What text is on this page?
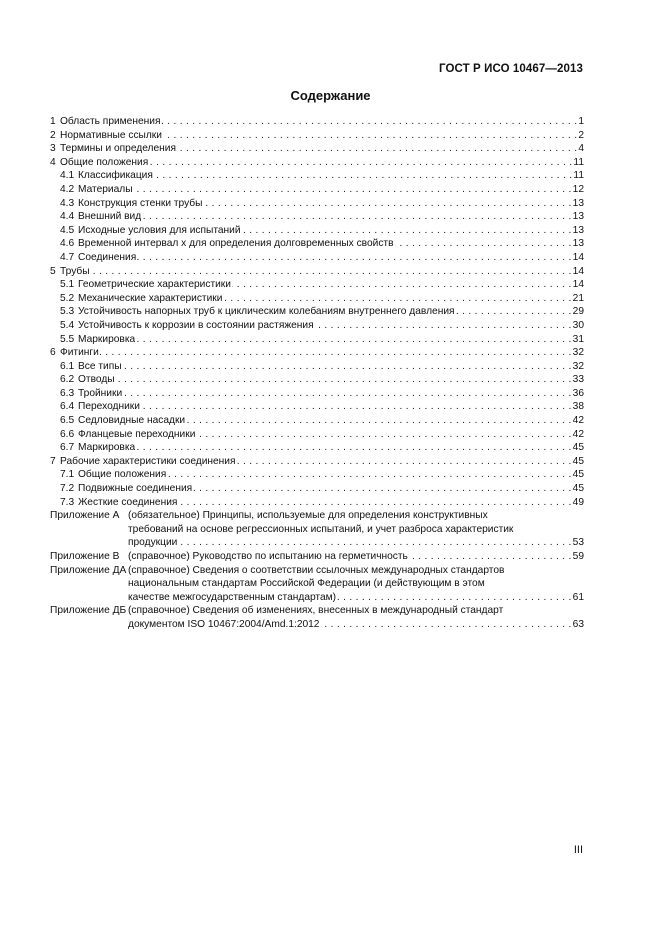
ГОСТ Р ИСО 10467—2013
Содержание
1 Область применения . . .	1
2 Нормативные ссылки . . .	2
3 Термины и определения . . .	4
4 Общие положения . . .	11
4.1 Классификация . . .	11
4.2 Материалы . . .	12
4.3 Конструкция стенки трубы . . .	13
4.4 Внешний вид . . .	13
4.5 Исходные условия для испытаний . . .	13
4.6 Временной интервал x для определения долговременных свойств . . .	13
4.7 Соединения . . .	14
5 Трубы . . .	14
5.1 Геометрические характеристики . . .	14
5.2 Механические характеристики . . .	21
5.3 Устойчивость напорных труб к циклическим колебаниям внутреннего давления . . .	29
5.4 Устойчивость к коррозии в состоянии растяжения . . .	30
5.5 Маркировка . . .	31
6 Фитинги . . .	32
6.1 Все типы . . .	32
6.2 Отводы . . .	33
6.3 Тройники . . .	36
6.4 Переходники . . .	38
6.5 Седловидные насадки . . .	42
6.6 Фланцевые переходники . . .	42
6.7 Маркировка . . .	45
7 Рабочие характеристики соединения . . .	45
7.1 Общие положения . . .	45
7.2 Подвижные соединения . . .	45
7.3 Жесткие соединения . . .	49
Приложение А (обязательное) Принципы, используемые для определения конструктивных
требований на основе регрессионных испытаний, и учет разброса характеристик
продукции . . .	53
Приложение В (справочное) Руководство по испытанию на герметичность . . .	59
Приложение ДА (справочное) Сведения о соответствии ссылочных международных стандартов
национальным стандартам Российской Федерации (и действующим в этом
качестве межгосударственным стандартам) . . .	61
Приложение ДБ (справочное) Сведения об изменениях, внесенных в международный стандарт
документом ISO 10467:2004/Amd.1:2012 . . .	63
III
